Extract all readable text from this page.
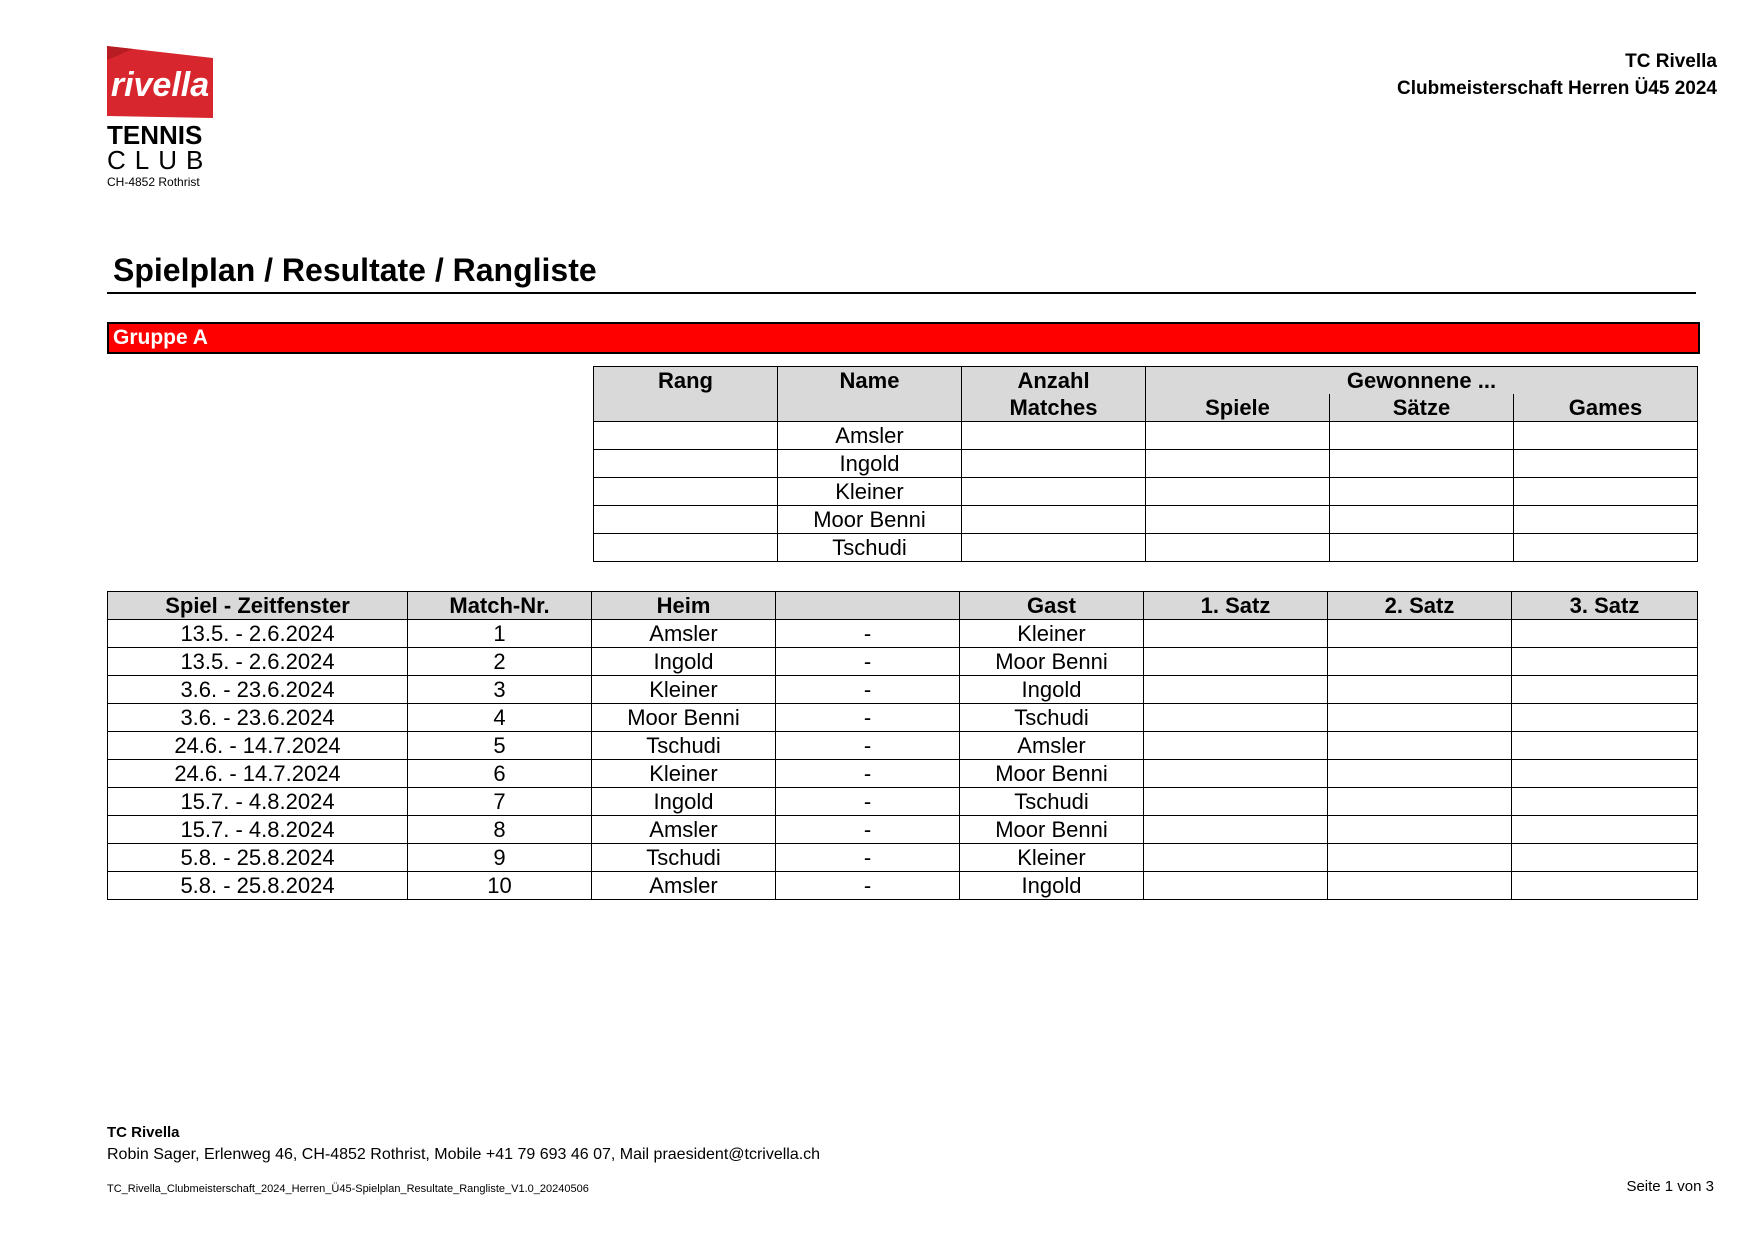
rivella
TENNIS
CLUB
CH-4852 Rothrist
TC Rivella
Clubmeisterschaft Herren Ü45 2024
Spielplan / Resultate / Rangliste
Gruppe A
Rang	Name	Anzahl	Gewonnene ...		
		Matches	Spiele	Sätze	Games
	Amsler				
	Ingold				
	Kleiner				
	Moor Benni				
	Tschudi				
Spiel - Zeitfenster	Match-Nr.	Heim		Gast	1. Satz	2. Satz	3. Satz
13.5. - 2.6.2024	1	Amsler	-	Kleiner			
13.5. - 2.6.2024	2	Ingold	-	Moor Benni			
3.6. - 23.6.2024	3	Kleiner	-	Ingold			
3.6. - 23.6.2024	4	Moor Benni	-	Tschudi			
24.6. - 14.7.2024	5	Tschudi	-	Amsler			
24.6. - 14.7.2024	6	Kleiner	-	Moor Benni			
15.7. - 4.8.2024	7	Ingold	-	Tschudi			
15.7. - 4.8.2024	8	Amsler	-	Moor Benni			
5.8. - 25.8.2024	9	Tschudi	-	Kleiner			
5.8. - 25.8.2024	10	Amsler	-	Ingold			
TC Rivella
Robin Sager, Erlenweg 46, CH-4852 Rothrist, Mobile +41 79 693 46 07, Mail praesident@tcrivella.ch
TC_Rivella_Clubmeisterschaft_2024_Herren_Ü45-Spielplan_Resultate_Rangliste_V1.0_20240506	Seite 1 von 3
